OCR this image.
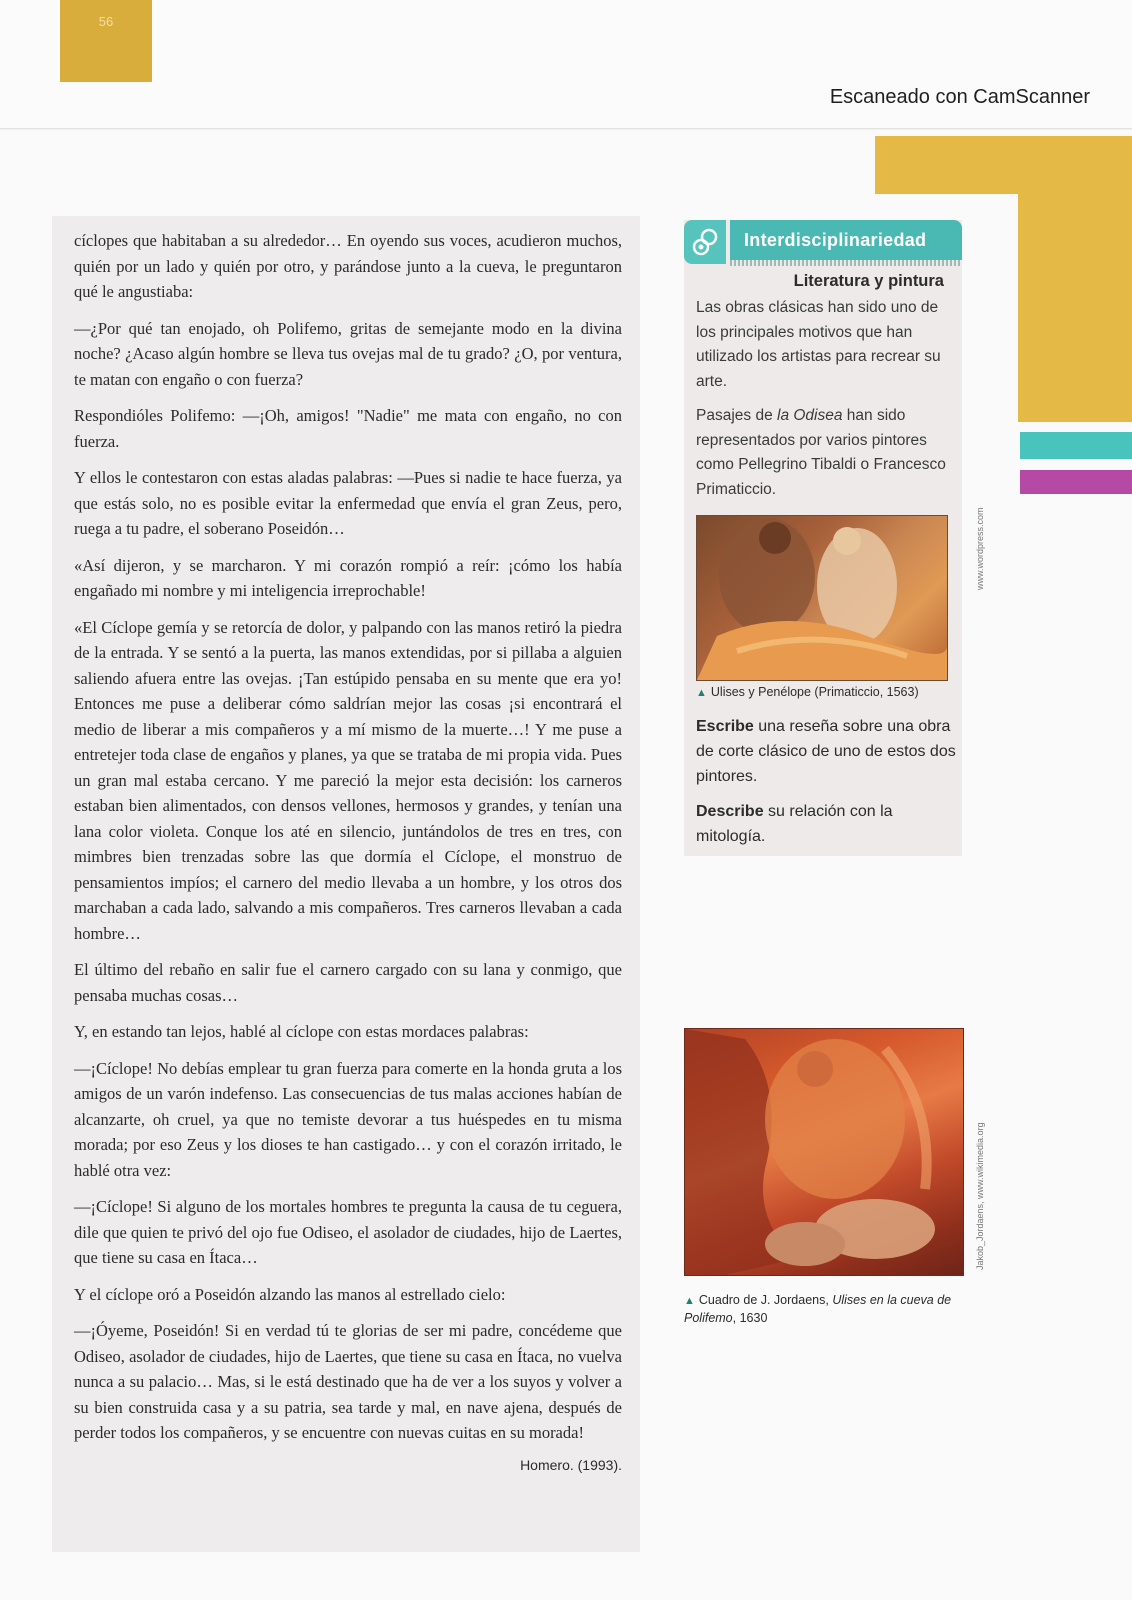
56
Escaneado con CamScanner

cíclopes que habitaban a su alrededor… En oyendo sus voces, acudieron muchos, quién por un lado y quién por otro, y parándose junto a la cueva, le preguntaron qué le angustiaba:

—¿Por qué tan enojado, oh Polifemo, gritas de semejante modo en la divina noche? ¿Acaso algún hombre se lleva tus ovejas mal de tu grado? ¿O, por ventura, te matan con engaño o con fuerza?

Respondióles Polifemo: —¡Oh, amigos! "Nadie" me mata con engaño, no con fuerza.

Y ellos le contestaron con estas aladas palabras: —Pues si nadie te hace fuerza, ya que estás solo, no es posible evitar la enfermedad que envía el gran Zeus, pero, ruega a tu padre, el soberano Poseidón…

«Así dijeron, y se marcharon. Y mi corazón rompió a reír: ¡cómo los había engañado mi nombre y mi inteligencia irreprochable!

«El Cíclope gemía y se retorcía de dolor, y palpando con las manos retiró la piedra de la entrada. Y se sentó a la puerta, las manos extendidas, por si pillaba a alguien saliendo afuera entre las ovejas. ¡Tan estúpido pensaba en su mente que era yo! Entonces me puse a deliberar cómo saldrían mejor las cosas ¡si encontrará el medio de liberar a mis compañeros y a mí mismo de la muerte…! Y me puse a entretejer toda clase de engaños y planes, ya que se trataba de mi propia vida. Pues un gran mal estaba cercano. Y me pareció la mejor esta decisión: los carneros estaban bien alimentados, con densos vellones, hermosos y grandes, y tenían una lana color violeta. Conque los até en silencio, juntándolos de tres en tres, con mimbres bien trenzadas sobre las que dormía el Cíclope, el monstruo de pensamientos impíos; el carnero del medio llevaba a un hombre, y los otros dos marchaban a cada lado, salvando a mis compañeros. Tres carneros llevaban a cada hombre…

El último del rebaño en salir fue el carnero cargado con su lana y conmigo, que pensaba muchas cosas…

Y, en estando tan lejos, hablé al cíclope con estas mordaces palabras:

—¡Cíclope! No debías emplear tu gran fuerza para comerte en la honda gruta a los amigos de un varón indefenso. Las consecuencias de tus malas acciones habían de alcanzarte, oh cruel, ya que no temiste devorar a tus huéspedes en tu misma morada; por eso Zeus y los dioses te han castigado… y con el corazón irritado, le hablé otra vez:

—¡Cíclope! Si alguno de los mortales hombres te pregunta la causa de tu ceguera, dile que quien te privó del ojo fue Odiseo, el asolador de ciudades, hijo de Laertes, que tiene su casa en Ítaca…

Y el cíclope oró a Poseidón alzando las manos al estrellado cielo:

—¡Óyeme, Poseidón! Si en verdad tú te glorias de ser mi padre, concédeme que Odiseo, asolador de ciudades, hijo de Laertes, que tiene su casa en Ítaca, no vuelva nunca a su palacio… Mas, si le está destinado que ha de ver a los suyos y volver a su bien construida casa y a su patria, sea tarde y mal, en nave ajena, después de perder todos los compañeros, y se encuentre con nuevas cuitas en su morada!

Homero. (1993).
Interdisciplinariedad
Literatura y pintura

Las obras clásicas han sido uno de los principales motivos que han utilizado los artistas para recrear su arte.

Pasajes de la Odisea han sido representados por varios pintores como Pellegrino Tibaldi o Francesco Primaticcio.

▲ Ulises y Penélope (Primaticcio, 1563)

Escribe una reseña sobre una obra de corte clásico de uno de estos dos pintores.

Describe su relación con la mitología.

www.wordpress.com
Jakob_Jordaens, www.wikimedia.org
▲ Cuadro de J. Jordaens, Ulises en la cueva de Polifemo, 1630
